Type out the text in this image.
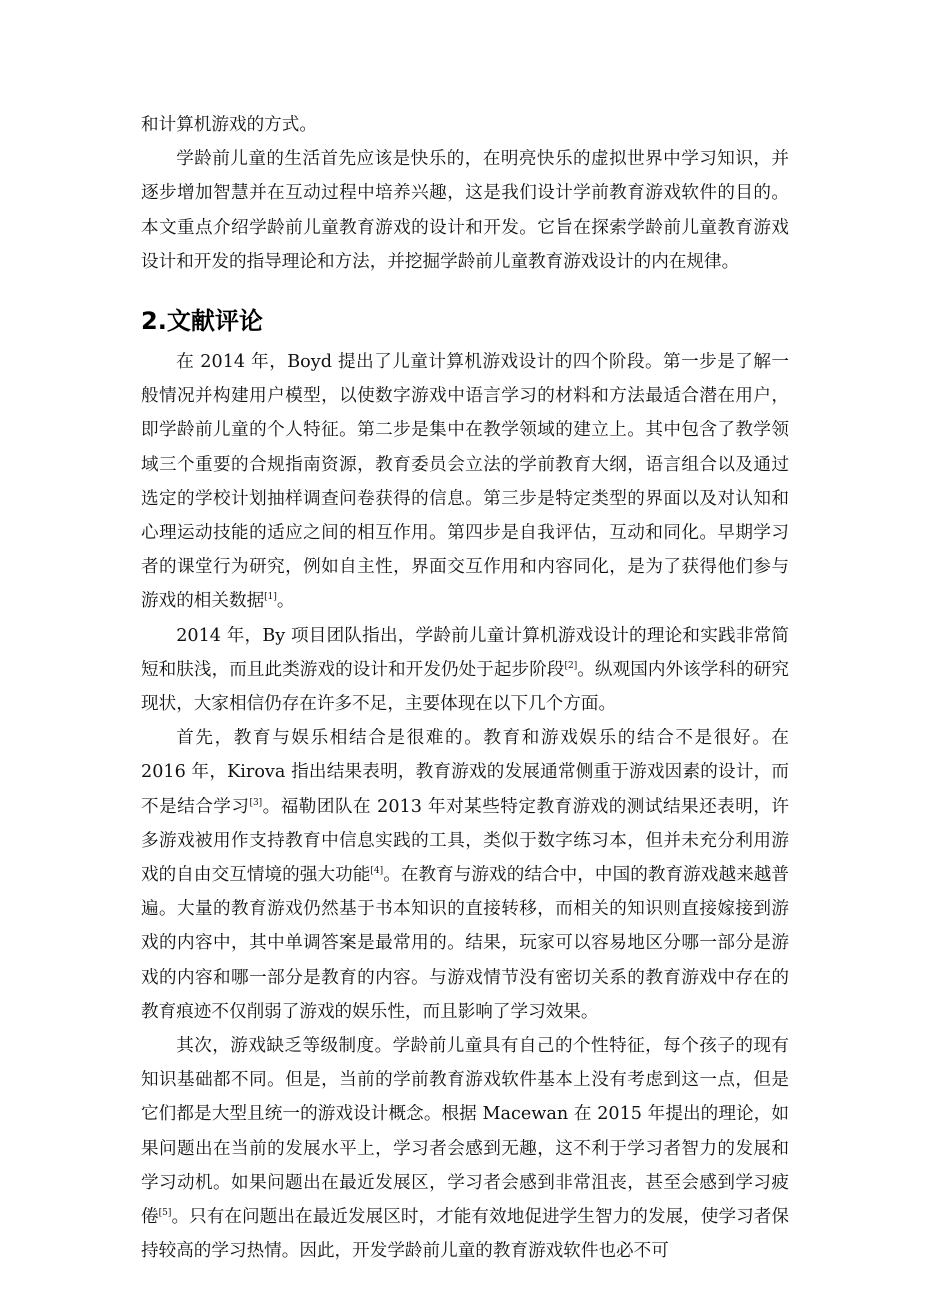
和计算机游戏的方式。

学龄前儿童的生活首先应该是快乐的，在明亮快乐的虚拟世界中学习知识，并逐步增加智慧并在互动过程中培养兴趣，这是我们设计学前教育游戏软件的目的。本文重点介绍学龄前儿童教育游戏的设计和开发。它旨在探索学龄前儿童教育游戏设计和开发的指导理论和方法，并挖掘学龄前儿童教育游戏设计的内在规律。

2.文献评论

在 2014 年，Boyd 提出了儿童计算机游戏设计的四个阶段。第一步是了解一般情况并构建用户模型，以使数字游戏中语言学习的材料和方法最适合潜在用户，即学龄前儿童的个人特征。第二步是集中在教学领域的建立上。其中包含了教学领域三个重要的合规指南资源，教育委员会立法的学前教育大纲，语言组合以及通过选定的学校计划抽样调查问卷获得的信息。第三步是特定类型的界面以及对认知和心理运动技能的适应之间的相互作用。第四步是自我评估，互动和同化。早期学习者的课堂行为研究，例如自主性，界面交互作用和内容同化，是为了获得他们参与游戏的相关数据[1]。

2014 年，By 项目团队指出，学龄前儿童计算机游戏设计的理论和实践非常简短和肤浅，而且此类游戏的设计和开发仍处于起步阶段[2]。纵观国内外该学科的研究现状，大家相信仍存在许多不足，主要体现在以下几个方面。

首先，教育与娱乐相结合是很难的。教育和游戏娱乐的结合不是很好。在 2016 年，Kirova 指出结果表明，教育游戏的发展通常侧重于游戏因素的设计，而不是结合学习[3]。福勒团队在 2013 年对某些特定教育游戏的测试结果还表明，许多游戏被用作支持教育中信息实践的工具，类似于数字练习本，但并未充分利用游戏的自由交互情境的强大功能[4]。在教育与游戏的结合中，中国的教育游戏越来越普遍。大量的教育游戏仍然基于书本知识的直接转移，而相关的知识则直接嫁接到游戏的内容中，其中单调答案是最常用的。结果，玩家可以容易地区分哪一部分是游戏的内容和哪一部分是教育的内容。与游戏情节没有密切关系的教育游戏中存在的教育痕迹不仅削弱了游戏的娱乐性，而且影响了学习效果。

其次，游戏缺乏等级制度。学龄前儿童具有自己的个性特征，每个孩子的现有知识基础都不同。但是，当前的学前教育游戏软件基本上没有考虑到这一点，但是它们都是大型且统一的游戏设计概念。根据 Macewan 在 2015 年提出的理论，如果问题出在当前的发展水平上，学习者会感到无趣，这不利于学习者智力的发展和学习动机。如果问题出在最近发展区，学习者会感到非常沮丧，甚至会感到学习疲倦[5]。只有在问题出在最近发展区时，才能有效地促进学生智力的发展，使学习者保持较高的学习热情。因此，开发学龄前儿童的教育游戏软件也必不可
